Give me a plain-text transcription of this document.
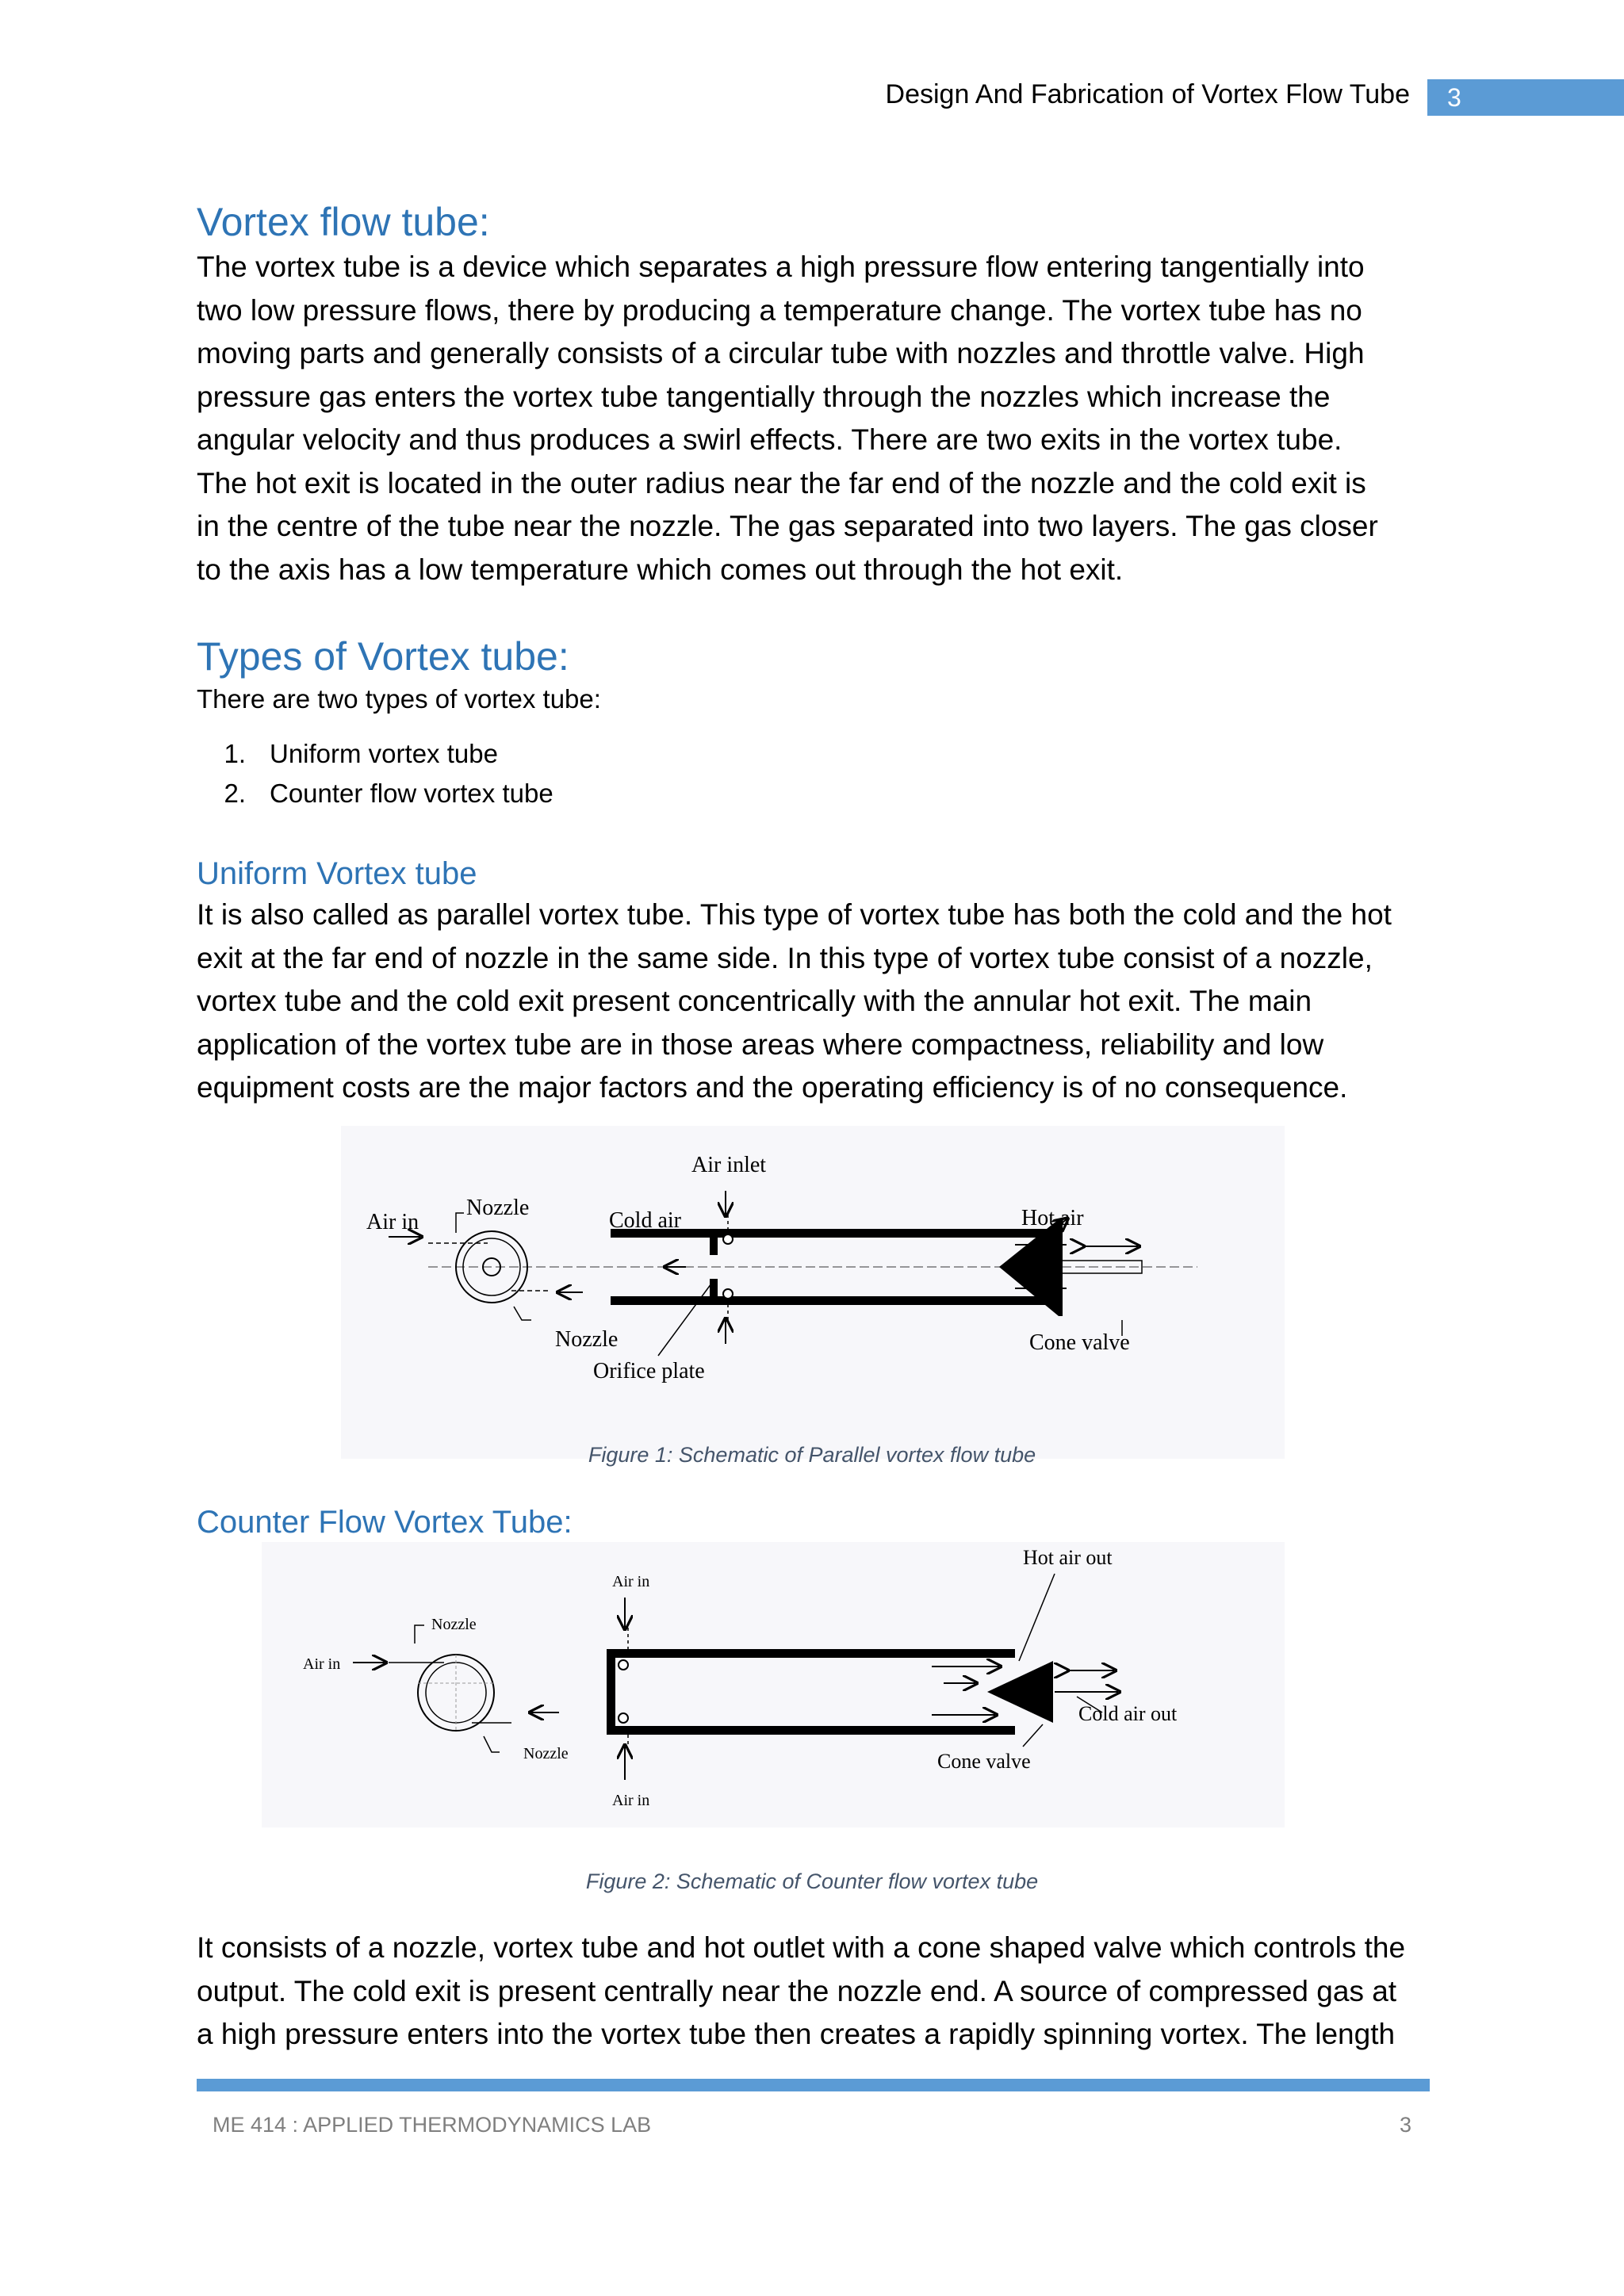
Design And Fabrication of Vortex Flow Tube	3
Vortex flow tube:

The vortex tube is a device which separates a high pressure flow entering tangentially into

two low pressure flows, there by producing a temperature change. The vortex tube has no

moving parts and generally consists of a circular tube with nozzles and throttle valve. High

pressure gas enters the vortex tube tangentially through the nozzles which increase the

angular velocity and thus produces a swirl effects. There are two exits in the vortex tube.

The hot exit is located in the outer radius near the far end of the nozzle and the cold exit is

in the centre of the tube near the nozzle. The gas separated into two layers. The gas closer

to the axis has a low temperature which comes out through the hot exit.

Types of Vortex tube:

There are two types of vortex tube:

1. Uniform vortex tube
2. Counter flow vortex tube
Uniform Vortex tube

It is also called as parallel vortex tube. This type of vortex tube has both the cold and the hot

exit at the far end of nozzle in the same side. In this type of vortex tube consist of a nozzle,

vortex tube and the cold exit present concentrically with the annular hot exit. The main

application of the vortex tube are in those areas where compactness, reliability and low

equipment costs are the major factors and the operating efficiency is of no consequence.

Air inlet
Air in
Nozzle
Cold air	Hot air
Nozzle
Orifice plate
Cone valve
Figure 1: Schematic of Parallel vortex flow tube
Counter Flow Vortex Tube:
Hot air out
Air in
Nozzle
Air in
Cold air out
Nozzle	Cone valve
Air in
Figure 2: Schematic of Counter flow vortex tube

It consists of a nozzle, vortex tube and hot outlet with a cone shaped valve which controls the

output. The cold exit is present centrally near the nozzle end. A source of compressed gas at

a high pressure enters into the vortex tube then creates a rapidly spinning vortex. The length

ME 414 : APPLIED THERMODYNAMICS LAB	3
